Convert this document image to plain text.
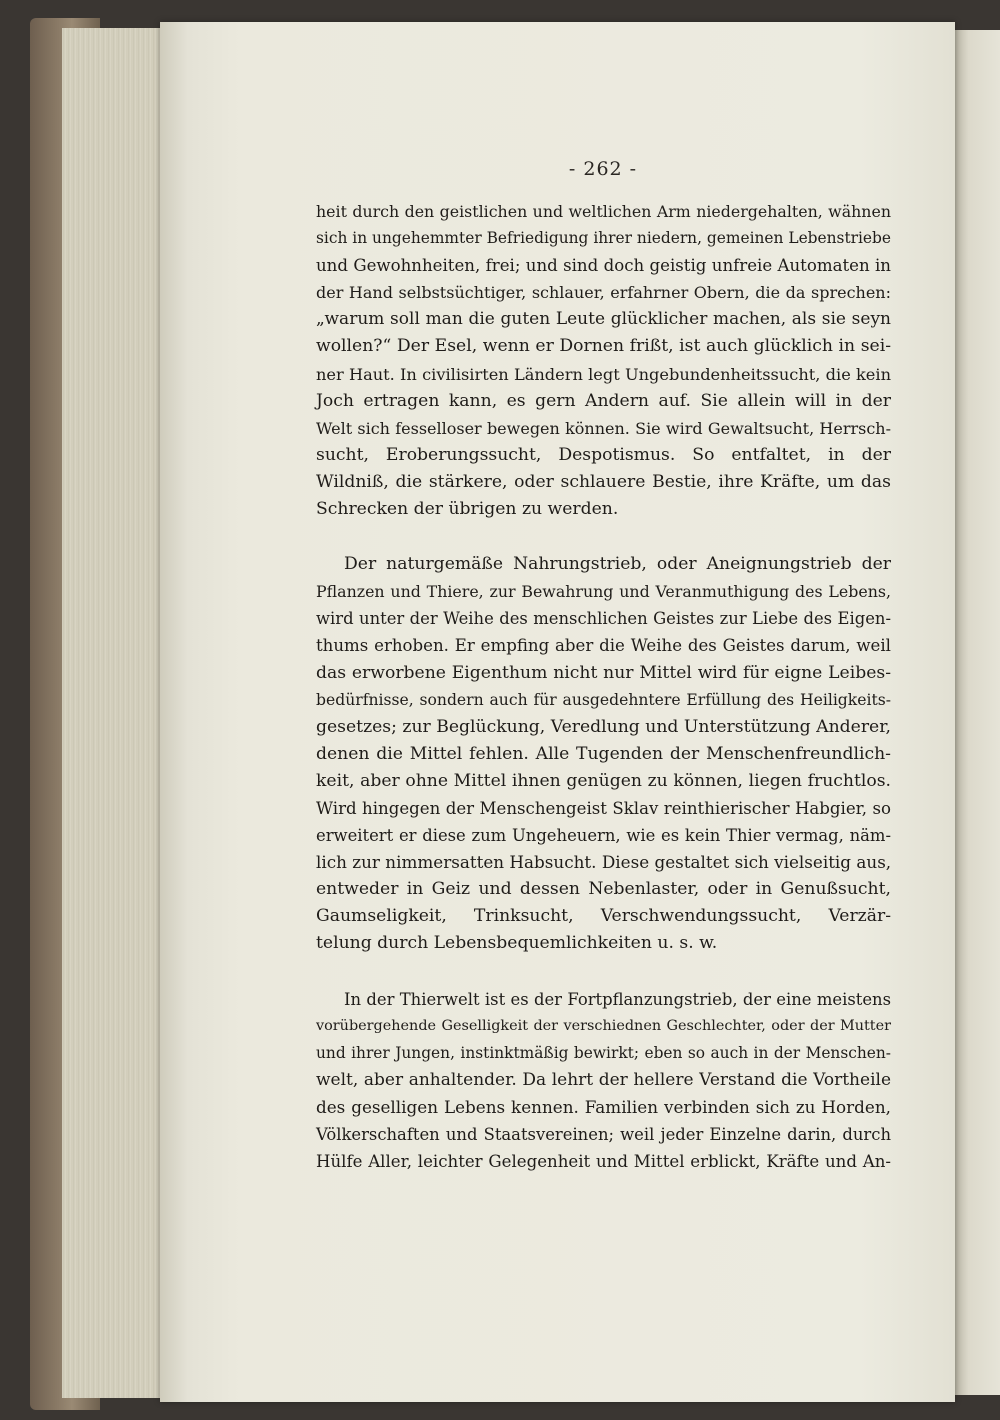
- 262 -
heit durch den geistlichen und weltlichen Arm niedergehalten, wähnen
sich in ungehemmter Befriedigung ihrer niedern, gemeinen Lebenstriebe
und Gewohnheiten, frei; und sind doch geistig unfreie Automaten in
der Hand selbstsüchtiger, schlauer, erfahrner Obern, die da sprechen:
„warum soll man die guten Leute glücklicher machen, als sie seyn
wollen?“ Der Esel, wenn er Dornen frißt, ist auch glücklich in sei-
ner Haut. In civilisirten Ländern legt Ungebundenheitssucht, die kein
Joch ertragen kann, es gern Andern auf. Sie allein will in der
Welt sich fesselloser bewegen können. Sie wird Gewaltsucht, Herrsch-
sucht, Eroberungssucht, Despotismus. So entfaltet, in der
Wildniß, die stärkere, oder schlauere Bestie, ihre Kräfte, um das
Schrecken der übrigen zu werden.
Der naturgemäße Nahrungstrieb, oder Aneignungstrieb der
Pflanzen und Thiere, zur Bewahrung und Veranmuthigung des Lebens,
wird unter der Weihe des menschlichen Geistes zur Liebe des Eigen-
thums erhoben. Er empfing aber die Weihe des Geistes darum, weil
das erworbene Eigenthum nicht nur Mittel wird für eigne Leibes-
bedürfnisse, sondern auch für ausgedehntere Erfüllung des Heiligkeits-
gesetzes; zur Beglückung, Veredlung und Unterstützung Anderer,
denen die Mittel fehlen. Alle Tugenden der Menschenfreundlich-
keit, aber ohne Mittel ihnen genügen zu können, liegen fruchtlos.
Wird hingegen der Menschengeist Sklav reinthierischer Habgier, so
erweitert er diese zum Ungeheuern, wie es kein Thier vermag, näm-
lich zur nimmersatten Habsucht. Diese gestaltet sich vielseitig aus,
entweder in Geiz und dessen Nebenlaster, oder in Genußsucht,
Gaumseligkeit, Trinksucht, Verschwendungssucht, Verzär-
telung durch Lebensbequemlichkeiten u. s. w.
In der Thierwelt ist es der Fortpflanzungstrieb, der eine meistens
vorübergehende Geselligkeit der verschiednen Geschlechter, oder der Mutter
und ihrer Jungen, instinktmäßig bewirkt; eben so auch in der Menschen-
welt, aber anhaltender. Da lehrt der hellere Verstand die Vortheile
des geselligen Lebens kennen. Familien verbinden sich zu Horden,
Völkerschaften und Staatsvereinen; weil jeder Einzelne darin, durch
Hülfe Aller, leichter Gelegenheit und Mittel erblickt, Kräfte und An-
